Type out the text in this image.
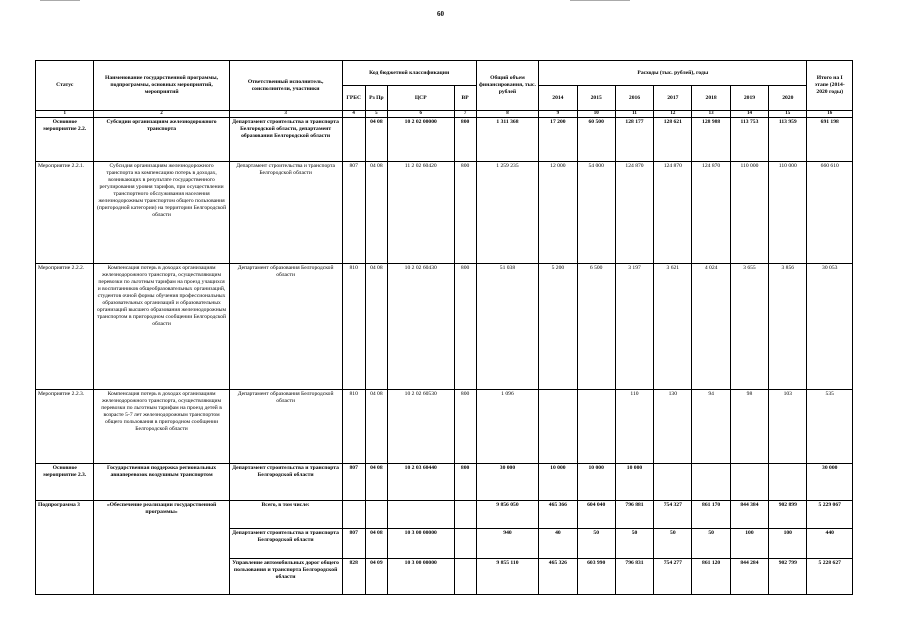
60
Статус	Наименование государственной программы, подпрограммы, основных мероприятий, мероприятий	Ответственный исполнитель, соисполнители, участники	Код бюджетной классификации				Общий объем финансирования, тыс. рублей	Расходы (тыс. рублей), годы							Итого на I этапе (2014-2020 годы)
			ГРБС	Рз Пр	ЦСР	ВР		2014	2015	2016	2017	2018	2019	2020	
1	2	3	4	5	6	7	8	9	10	11	12	13	14	15	16
Основное мероприятие 2.2.	Субсидии организациям железнодорожного транспорта	Департамент строительства и транспорта Белгородской области, департамент образования Белгородской области		04 08	10 2 02 00000	800	1 311 368	17 200	60 500	128 177	128 621	128 988	113 753	113 959	691 198
Мероприятие 2.2.1.	Субсидия организациям железнодорожного транспорта на компенсацию потерь в доходах, возникающих в результате государственного регулирования уровня тарифов, при осуществлении транспортного обслуживания населения железнодорожным транспортом общего пользования (пригородной категории) на территории Белгородской области	Департамент строительства и транспорта Белгородской области	807	04 08	11 2 02 60420	800	1 259 235	12 000	54 000	124 870	124 870	124 870	110 000	110 000	660 610
Мероприятие 2.2.2.	Компенсация потерь в доходах организациям железнодорожного транспорта, осуществляющим перевозки по льготным тарифам на проезд учащихся и воспитанников общеобразовательных организаций, студентов очной формы обучения профессиональных образовательных организаций и образовательных организаций высшего образования железнодорожным транспортом в пригородном сообщении Белгородской области	Департамент образования Белгородской области	810	04 08	10 2 02 60430	800	51 038	5 200	6 500	3 197	3 621	4 024	3 655	3 856	30 053
Мероприятие 2.2.3.	Компенсация потерь в доходах организациям железнодорожного транспорта, осуществляющим перевозки по льготным тарифам на проезд детей в возрасте 5-7 лет железнодорожным транспортом общего пользования в пригородном сообщении Белгородской области	Департамент образования Белгородской области	810	04 08	10 2 02 60530	800	1 096			110	130	94	98	103	535
Основное мероприятие 2.3.	Государственная поддержка региональных авиаперевозок воздушным транспортом	Департамент строительства и транспорта Белгородской области	807	04 08	10 2 03 60440	800	30 000	10 000	10 000	10 000					30 000
Подпрограмма 3	«Обеспечение реализации государственной программы»	Всего, в том числе:					9 856 050	465 366	604 040	796 881	754 327	861 170	844 384	902 899	5 229 067
		Департамент строительства и транспорта Белгородской области	807	04 08	10 3 00 00000		940	40	50	50	50	50	100	100	440
		Управление автомобильных дорог общего пользования и транспорта Белгородской области	828	04 09	10 3 00 00000		9 855 110	465 326	603 990	796 831	754 277	861 120	844 284	902 799	5 228 627
